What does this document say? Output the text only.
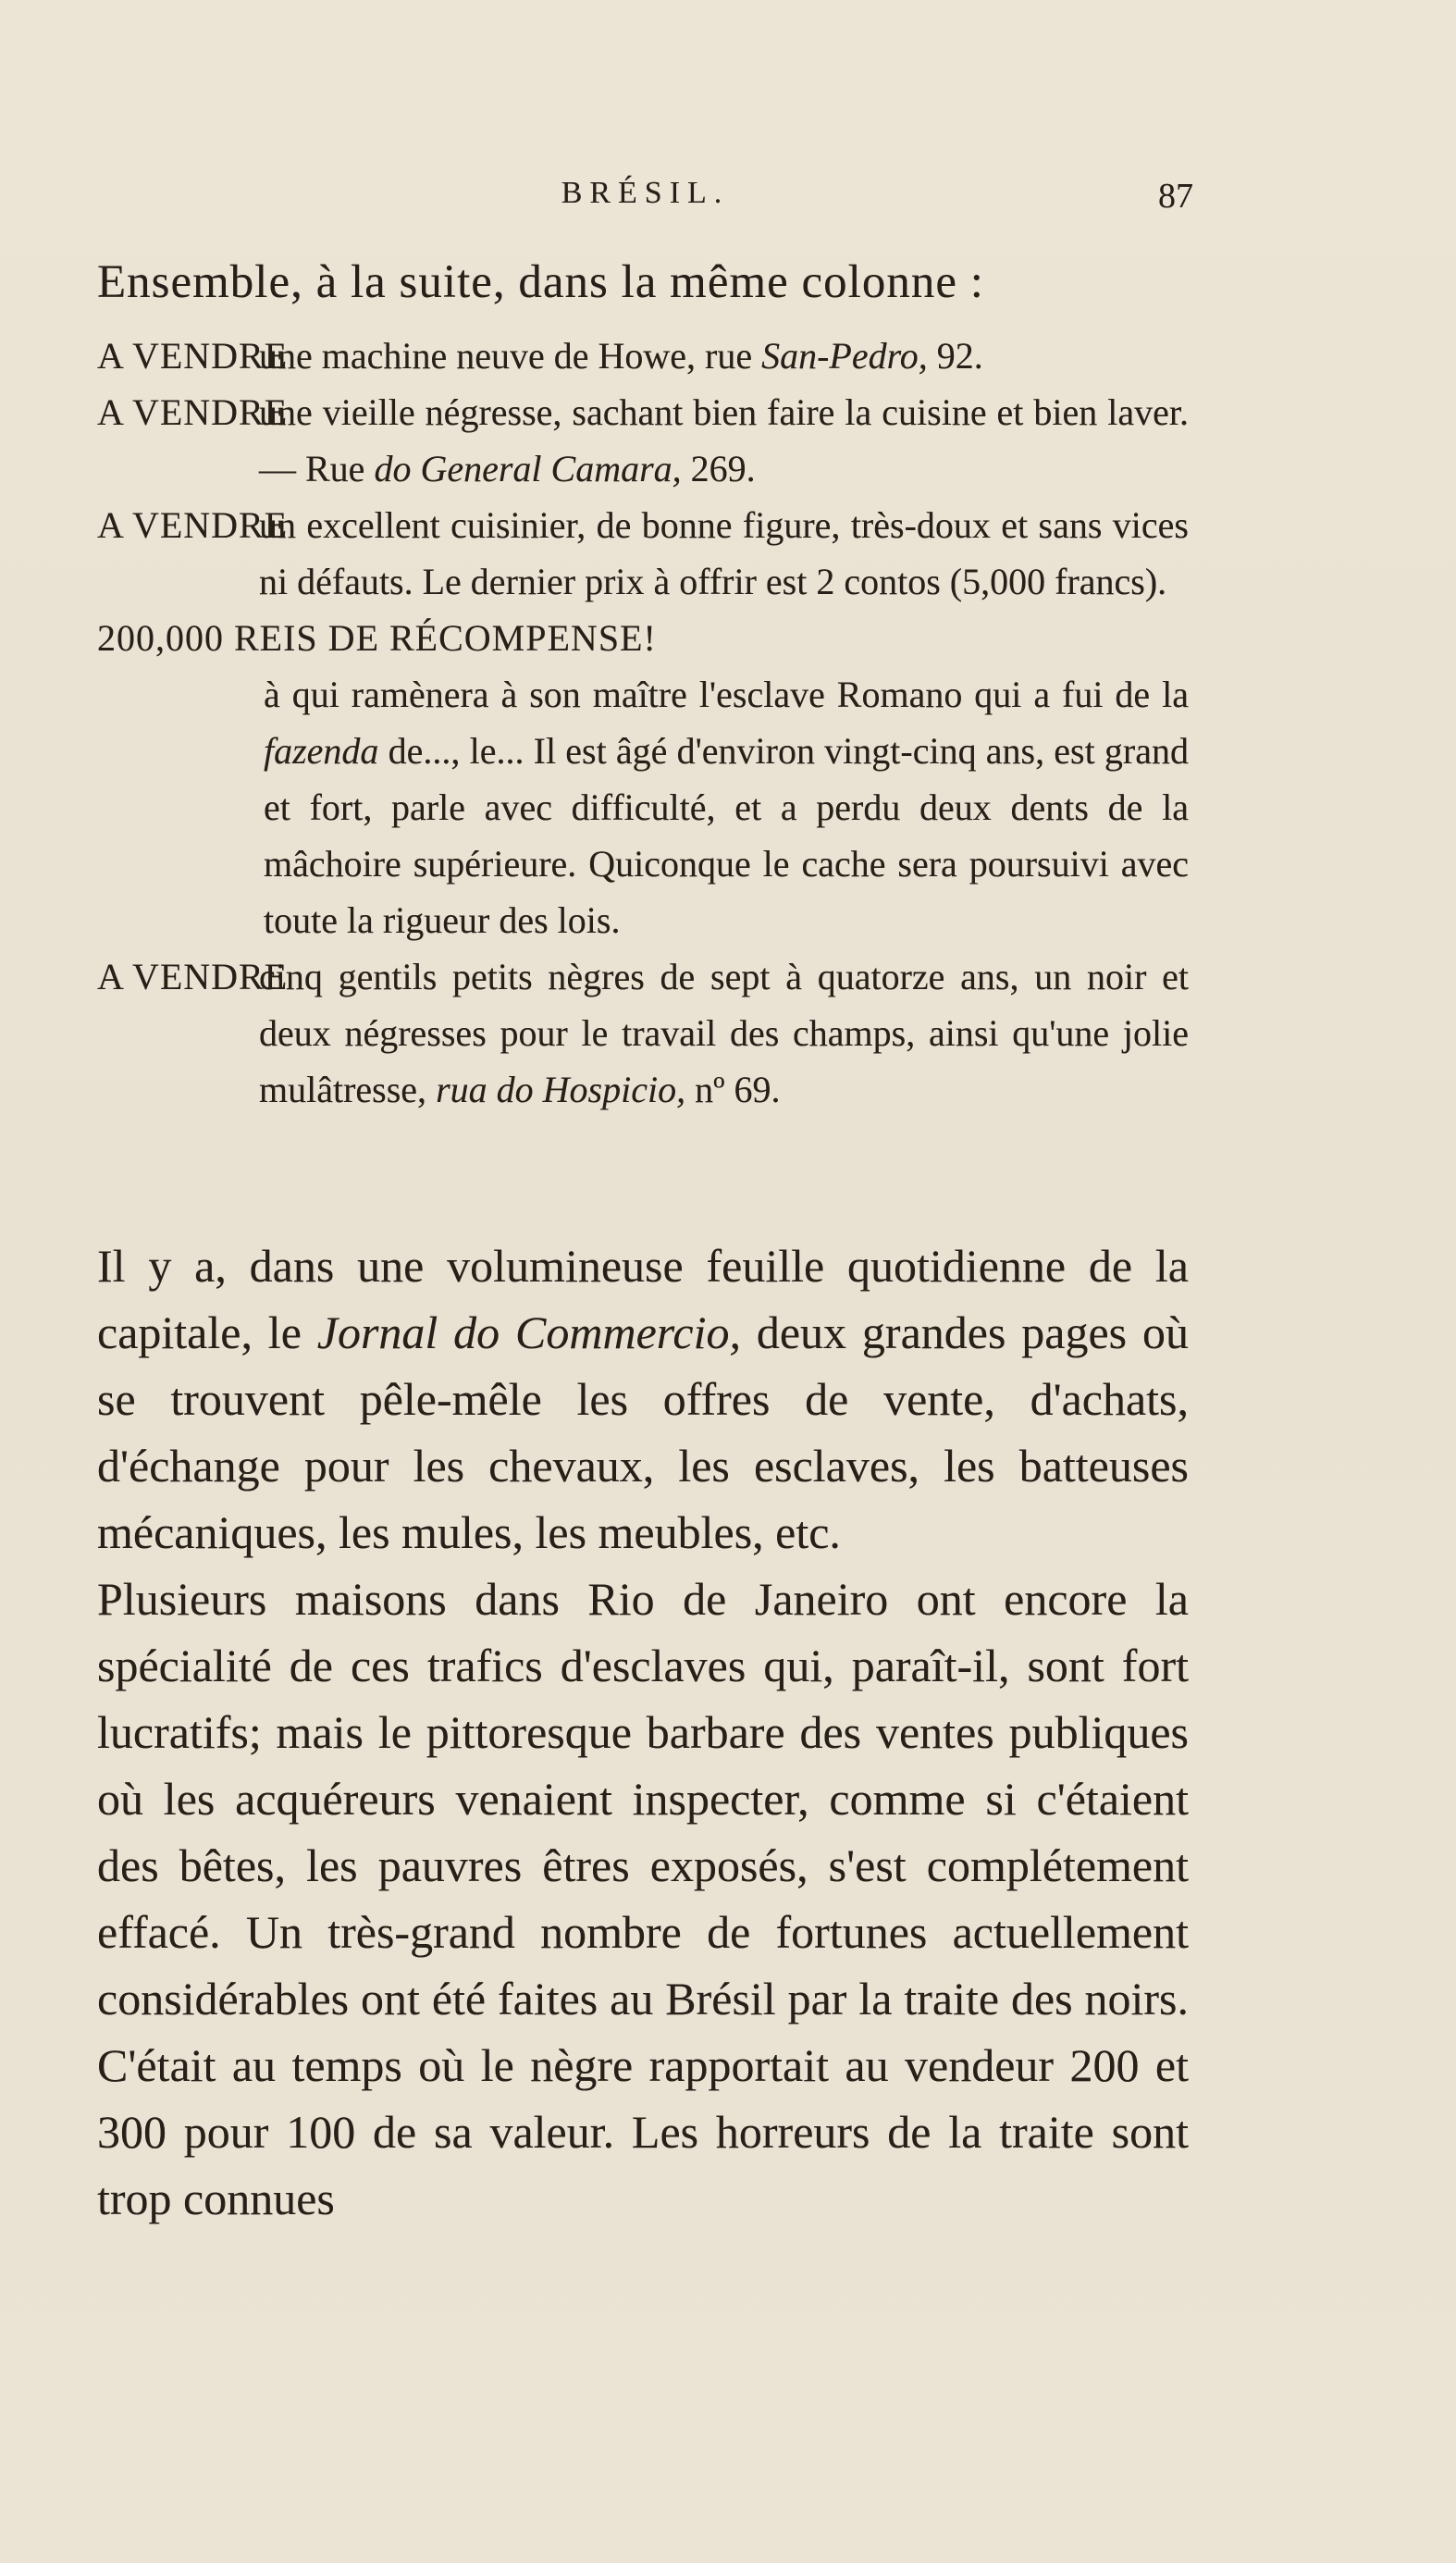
BRÉSIL.	87
Ensemble, à la suite, dans la même colonne :
A VENDRE
une machine neuve de Howe, rue San-Pedro, 92.
A VENDRE
une vieille négresse, sachant bien faire la cuisine et bien laver. — Rue do General Camara, 269.
A VENDRE
un excellent cuisinier, de bonne figure, très-doux et sans vices ni défauts. Le dernier prix à offrir est 2 contos (5,000 francs).
200,000 REIS DE RÉCOMPENSE!
à qui ramènera à son maître l'esclave Romano qui a fui de la fazenda de..., le... Il est âgé d'environ vingt-cinq ans, est grand et fort, parle avec difficulté, et a perdu deux dents de la mâchoire supérieure. Quiconque le cache sera poursuivi avec toute la rigueur des lois.
A VENDRE
cinq gentils petits nègres de sept à quatorze ans, un noir et deux négresses pour le travail des champs, ainsi qu'une jolie mulâtresse, rua do Hospicio, nº 69.

Il y a, dans une volumineuse feuille quotidienne de la capitale, le Jornal do Commercio, deux grandes pages où se trouvent pêle-mêle les offres de vente, d'achats, d'échange pour les chevaux, les esclaves, les batteuses mécaniques, les mules, les meubles, etc.

Plusieurs maisons dans Rio de Janeiro ont encore la spécialité de ces trafics d'esclaves qui, paraît-il, sont fort lucratifs; mais le pittoresque barbare des ventes publiques où les acquéreurs venaient inspecter, comme si c'étaient des bêtes, les pauvres êtres exposés, s'est complétement effacé. Un très-grand nombre de fortunes actuellement considérables ont été faites au Brésil par la traite des noirs. C'était au temps où le nègre rapportait au vendeur 200 et 300 pour 100 de sa valeur. Les horreurs de la traite sont trop connues
